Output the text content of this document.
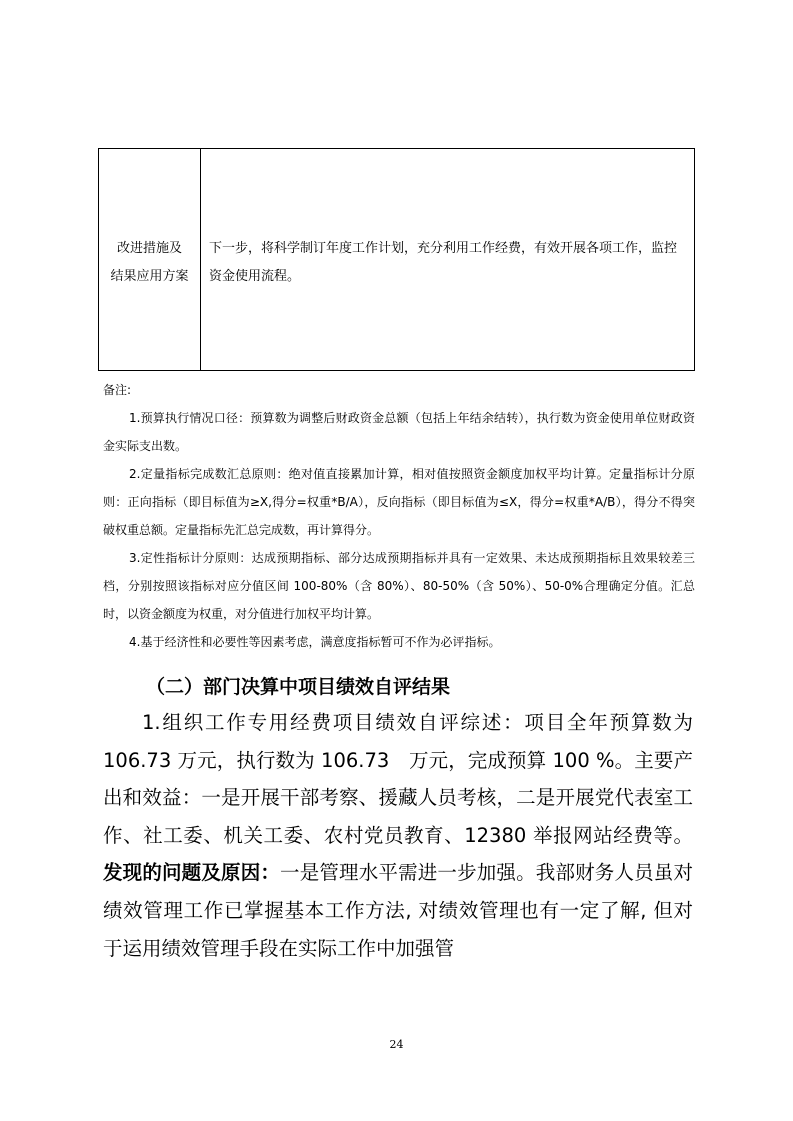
改进措施及
结果应用方案
下一步，将科学制订年度工作计划，充分利用工作经费，有效开展各项工作，监控资金使用流程。
备注:

1.预算执行情况口径：预算数为调整后财政资金总额（包括上年结余结转），执行数为资金使用单位财政资金实际支出数。

2.定量指标完成数汇总原则：绝对值直接累加计算，相对值按照资金额度加权平均计算。定量指标计分原则：正向指标（即目标值为≥X,得分=权重*B/A），反向指标（即目标值为≤X，得分=权重*A/B），得分不得突破权重总额。定量指标先汇总完成数，再计算得分。

3.定性指标计分原则：达成预期指标、部分达成预期指标并具有一定效果、未达成预期指标且效果较差三档，分别按照该指标对应分值区间 100-80%（含 80%）、80-50%（含 50%）、50-0%合理确定分值。汇总时，以资金额度为权重，对分值进行加权平均计算。

4.基于经济性和必要性等因素考虑，满意度指标暂可不作为必评指标。

（二）部门决算中项目绩效自评结果

1.组织工作专用经费项目绩效自评综述：项目全年预算数为 106.73 万元，执行数为 106.73　万元，完成预算 100 %。主要产出和效益：一是开展干部考察、援藏人员考核，二是开展党代表室工作、社工委、机关工委、农村党员教育、12380 举报网站经费等。发现的问题及原因：一是管理水平需进一步加强。我部财务人员虽对绩效管理工作已掌握基本工作方法, 对绩效管理也有一定了解, 但对于运用绩效管理手段在实际工作中加强管

24
